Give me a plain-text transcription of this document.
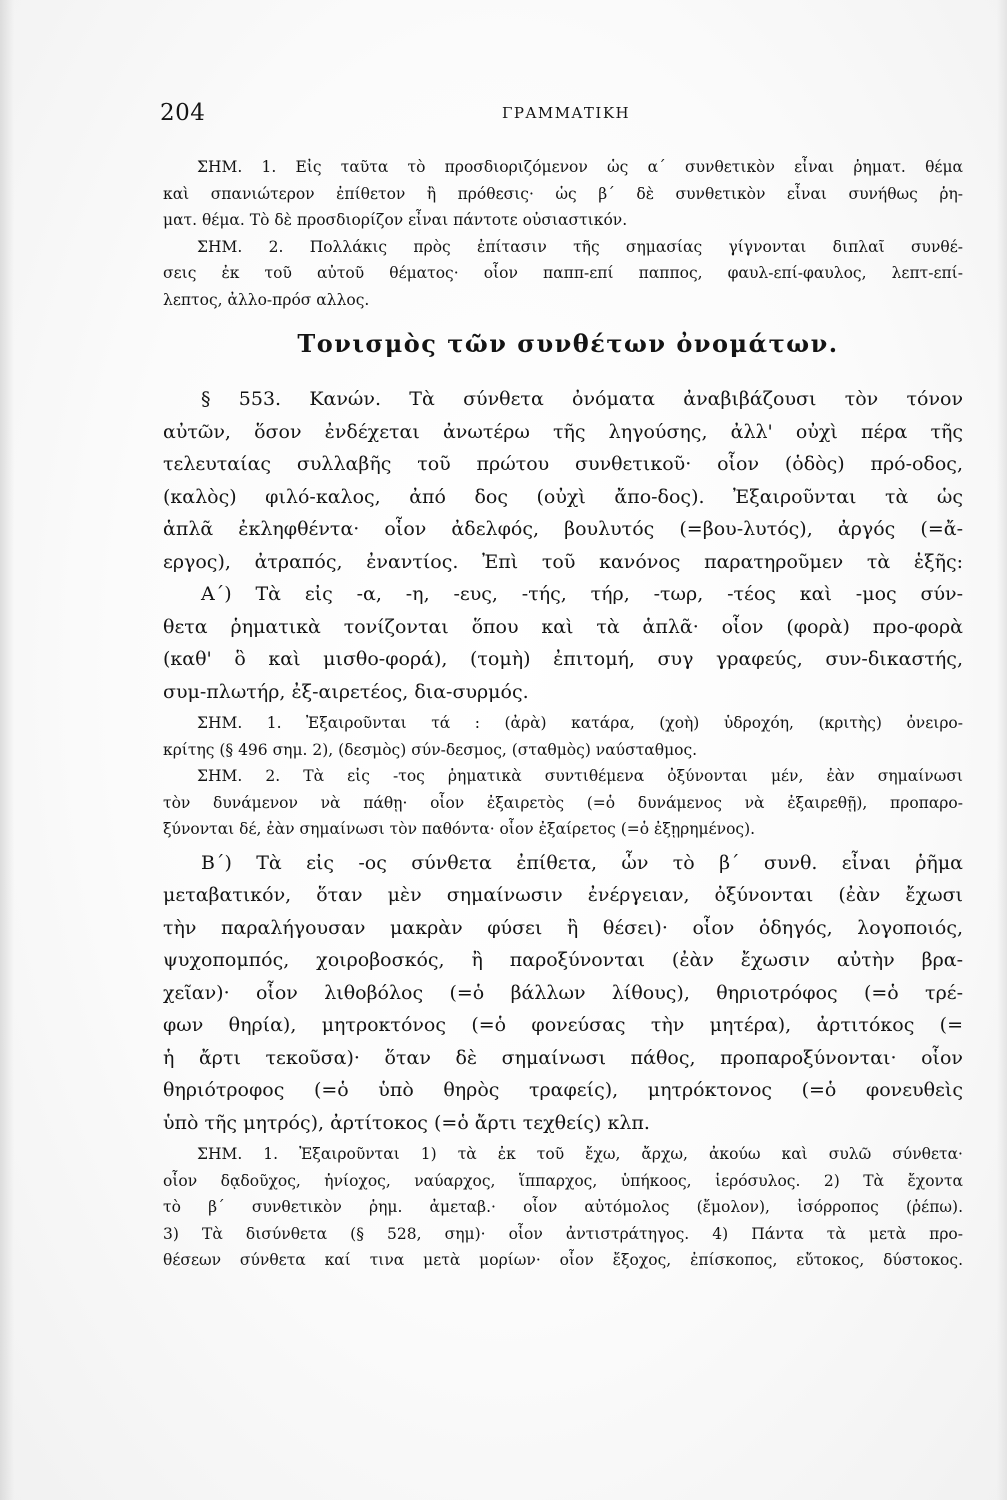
204	ΓΡΑΜΜΑΤΙΚΗ
ΣΗΜ. 1. Εἰς ταῦτα τὸ προσδιοριζόμενον ὡς α΄ συνθετικὸν εἶναι ῥηματ. θέμα
καὶ σπανιώτερον ἐπίθετον ἢ πρόθεσις· ὡς β΄ δὲ συνθετικὸν εἶναι συνήθως ῥη-
ματ. θέμα. Τὸ δὲ προσδιορίζον εἶναι πάντοτε οὐσιαστικόν.
ΣΗΜ. 2. Πολλάκις πρὸς ἐπίτασιν τῆς σημασίας γίγνονται διπλαῖ συνθέ-
σεις ἐκ τοῦ αὐτοῦ θέματος· οἷον παππ-επί παππος, φαυλ-επί-φαυλος, λεπτ-επί-
λεπτος, ἀλλο-πρόσ αλλος.
Τονισμὸς τῶν συνθέτων ὀνομάτων.
§ 553. Κανών. Τὰ σύνθετα ὀνόματα ἀναβιβάζουσι τὸν τόνον
αὐτῶν, ὅσον ἐνδέχεται ἀνωτέρω τῆς ληγούσης, ἀλλ' οὐχὶ πέρα τῆς
τελευταίας συλλαβῆς τοῦ πρώτου συνθετικοῦ· οἷον (ὁδὸς) πρό-οδος,
(καλὸς) φιλό-καλος, ἀπό δος (οὐχὶ ἄπο-δος). Ἐξαιροῦνται τὰ ὡς
ἁπλᾶ ἐκληφθέντα· οἷον ἀδελφός, βουλυτός (=βου-λυτός), ἀργός (=ἄ-
εργος), ἀτραπός, ἐναντίος. Ἐπὶ τοῦ κανόνος παρατηροῦμεν τὰ ἑξῆς:
Α΄) Τὰ εἰς -α, -η, -ευς, -τής, τήρ, -τωρ, -τέος καὶ -μος σύν-
θετα ῥηματικὰ τονίζονται ὅπου καὶ τὰ ἁπλᾶ· οἷον (φορὰ) προ-φορὰ
(καθ' ὃ καὶ μισθο-φορά), (τομὴ) ἐπιτομή, συγ γραφεύς, συν-δικαστής,
συμ-πλωτήρ, ἐξ-αιρετέος, δια-συρμός.
ΣΗΜ. 1. Ἐξαιροῦνται τά : (ἀρὰ) κατάρα, (χοὴ) ὑδροχόη, (κριτὴς) ὀνειρο-
κρίτης (§ 496 σημ. 2), (δεσμὸς) σύν-δεσμος, (σταθμὸς) ναύσταθμος.
ΣΗΜ. 2. Τὰ εἰς -τος ῥηματικὰ συντιθέμενα ὀξύνονται μέν, ἐὰν σημαίνωσι
τὸν δυνάμενον νὰ πάθῃ· οἷον ἐξαιρετὸς (=ὁ δυνάμενος νὰ ἐξαιρεθῇ), προπαρο-
ξύνονται δέ, ἐὰν σημαίνωσι τὸν παθόντα· οἷον ἐξαίρετος (=ὁ ἐξῃρημένος).
Β΄) Τὰ εἰς -ος σύνθετα ἐπίθετα, ὧν τὸ β΄ συνθ. εἶναι ῥῆμα
μεταβατικόν, ὅταν μὲν σημαίνωσιν ἐνέργειαν, ὀξύνονται (ἐὰν ἔχωσι
τὴν παραλήγουσαν μακρὰν φύσει ἢ θέσει)· οἷον ὁδηγός, λογοποιός,
ψυχοπομπός, χοιροβοσκός, ἢ παροξύνονται (ἐὰν ἔχωσιν αὐτὴν βρα-
χεῖαν)· οἷον λιθοβόλος (=ὁ βάλλων λίθους), θηριοτρόφος (=ὁ τρέ-
φων θηρία), μητροκτόνος (=ὁ φονεύσας τὴν μητέρα), ἀρτιτόκος (=
ἡ ἄρτι τεκοῦσα)· ὅταν δὲ σημαίνωσι πάθος, προπαροξύνονται· οἷον
θηριότροφος (=ὁ ὑπὸ θηρὸς τραφείς), μητρόκτονος (=ὁ φονευθεὶς
ὑπὸ τῆς μητρός), ἀρτίτοκος (=ὁ ἄρτι τεχθείς) κλπ.
ΣΗΜ. 1. Ἐξαιροῦνται 1) τὰ ἐκ τοῦ ἔχω, ἄρχω, ἀκούω καὶ συλῶ σύνθετα·
οἷον δᾳδοῦχος, ἡνίοχος, ναύαρχος, ἵππαρχος, ὑπήκοος, ἱερόσυλος. 2) Τὰ ἔχοντα
τὸ β΄ συνθετικὸν ῥημ. ἀμεταβ.· οἷον αὐτόμολος (ἔμολον), ἰσόρροπος (ῥέπω).
3) Τὰ δισύνθετα (§ 528, σημ)· οἷον ἀντιστράτηγος. 4) Πάντα τὰ μετὰ προ-
θέσεων σύνθετα καί τινα μετὰ μορίων· οἷον ἔξοχος, ἐπίσκοπος, εὔτοκος, δύστοκος.
